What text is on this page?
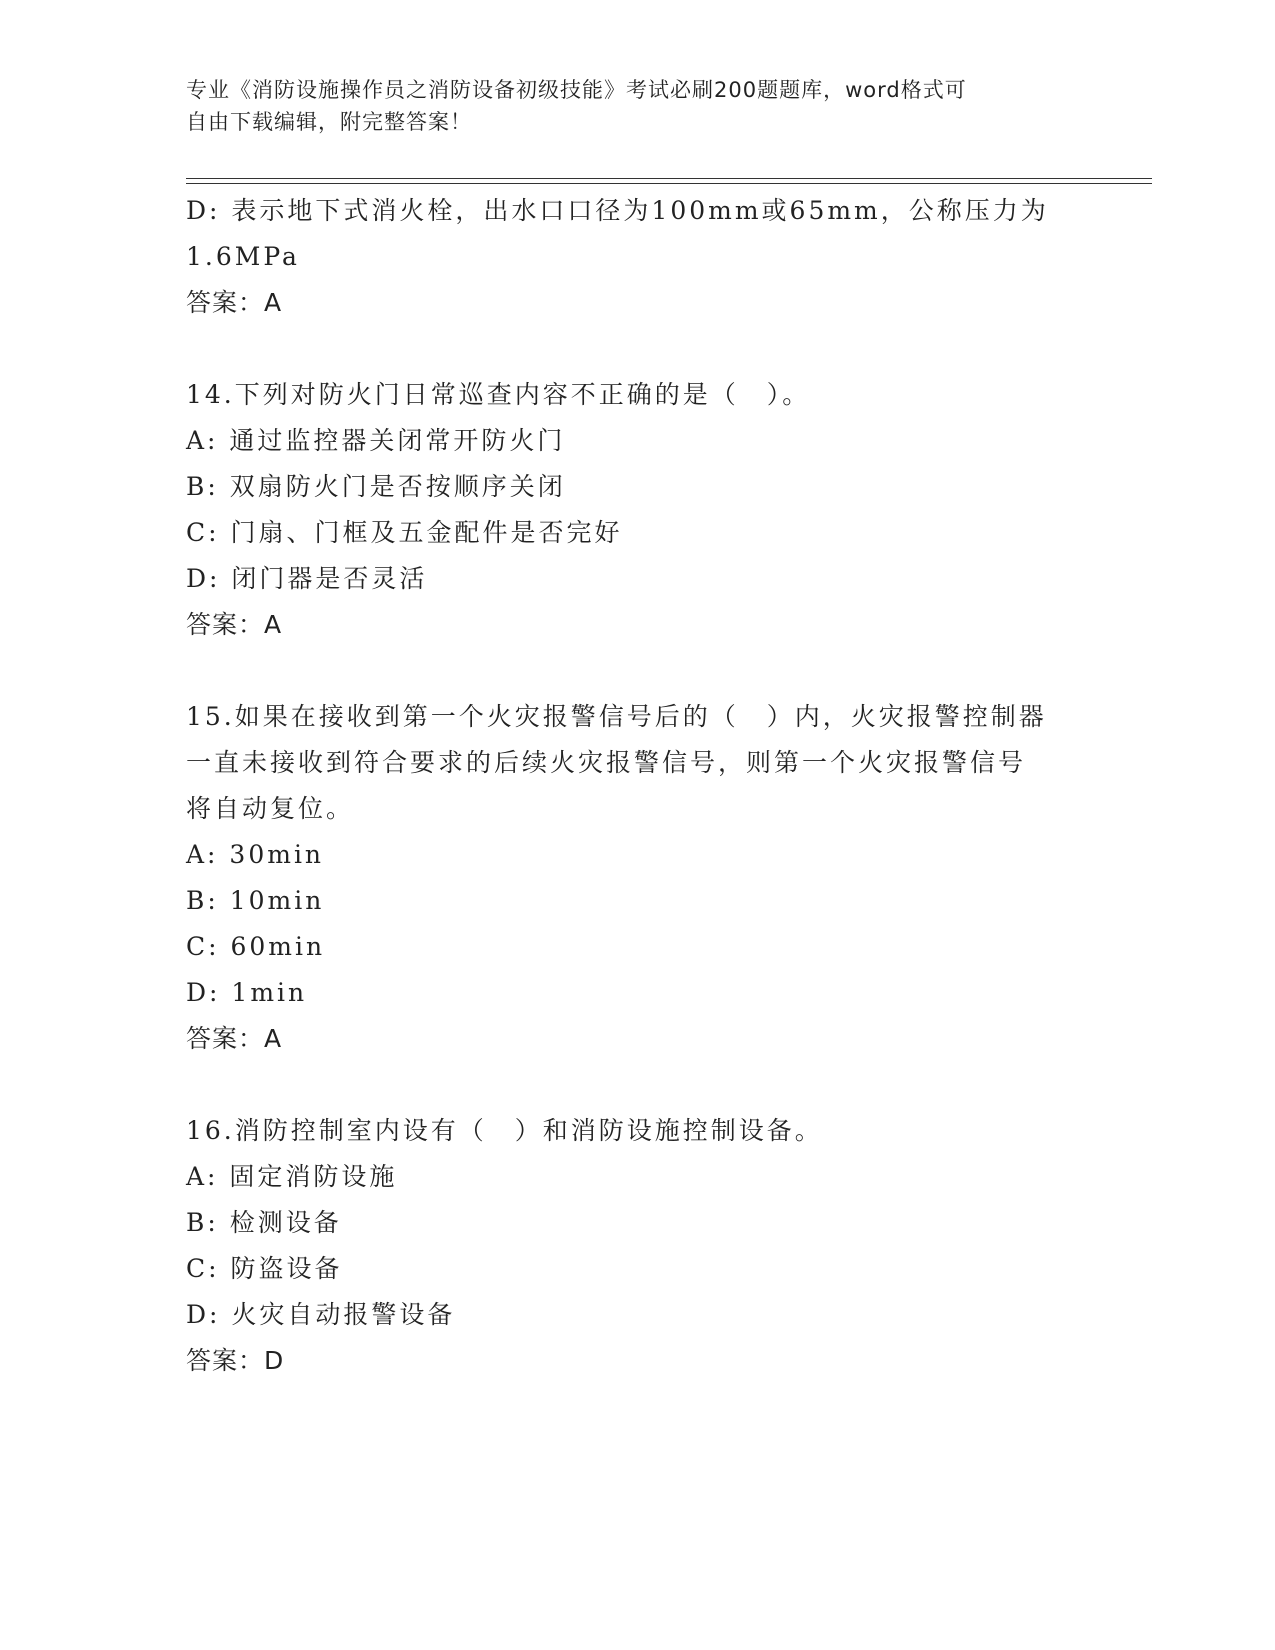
专业《消防设施操作员之消防设备初级技能》考试必刷200题题库，word格式可
自由下载编辑，附完整答案！
D: 表示地下式消火栓，出水口口径为100mm或65mm，公称压力为
1.6MPa
答案：A
14.下列对防火门日常巡查内容不正确的是（　）。
A: 通过监控器关闭常开防火门
B: 双扇防火门是否按顺序关闭
C: 门扇、门框及五金配件是否完好
D: 闭门器是否灵活
答案：A
15.如果在接收到第一个火灾报警信号后的（　）内，火灾报警控制器
一直未接收到符合要求的后续火灾报警信号，则第一个火灾报警信号
将自动复位。
A: 30min
B: 10min
C: 60min
D: 1min
答案：A
16.消防控制室内设有（　）和消防设施控制设备。
A: 固定消防设施
B: 检测设备
C: 防盗设备
D: 火灾自动报警设备
答案：D
